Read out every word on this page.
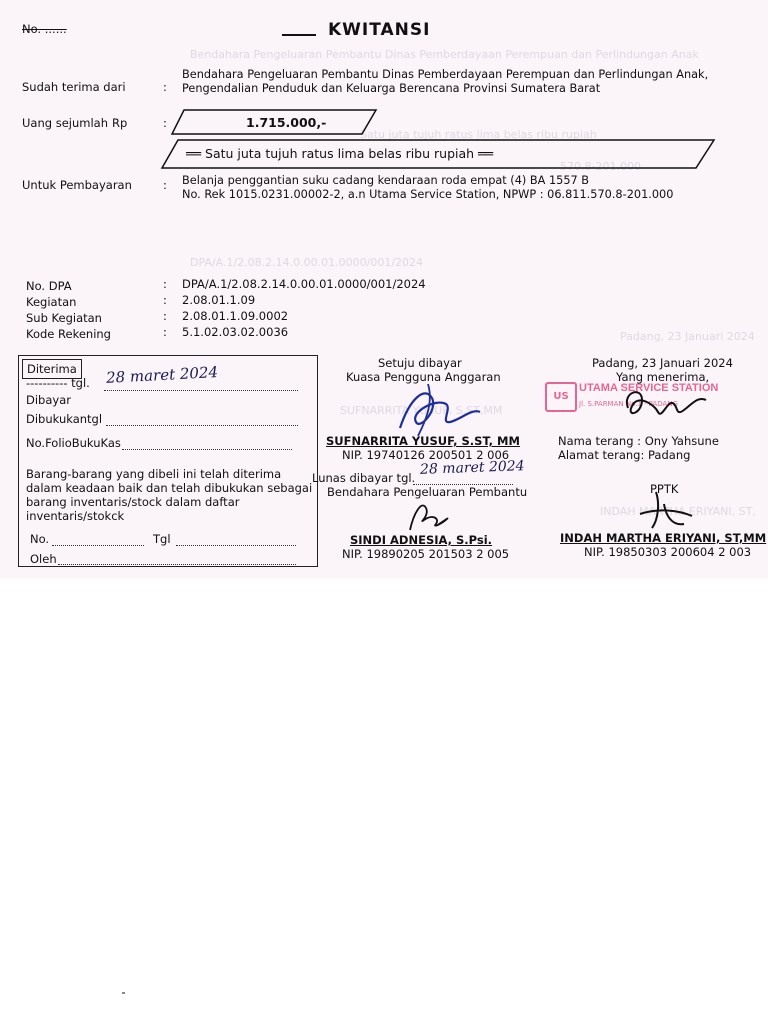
Bendahara Pengeluaran Pembantu Dinas Pemberdayaan Perempuan dan Perlindungan Anak
Satu juta tujuh ratus lima belas ribu rupiah
570.8-201.000
DPA/A.1/2.08.2.14.0.00.01.0000/001/2024
Padang, 23 Januari 2024
SUFNARRITA YUSUF, S.ST,MM
INDAH MARTHA ERIYANI, ST,
No. ......	KWITANSI
Sudah terima dari	:
Bendahara Pengeluaran Pembantu Dinas Pemberdayaan Perempuan dan Perlindungan Anak,
Pengendalian Penduduk dan Keluarga Berencana Provinsi Sumatera Barat
Uang sejumlah Rp	:	1.715.000,-
══ Satu juta tujuh ratus lima belas ribu rupiah ══
Untuk Pembayaran	: Belanja penggantian suku cadang kendaraan roda empat (4) BA 1557 B
No. Rek 1015.0231.00002-2, a.n Utama Service Station, NPWP : 06.811.570.8-201.000
No. DPA	: DPA/A.1/2.08.2.14.0.00.01.0000/001/2024
Kegiatan	: 2.08.01.1.09
Sub Kegiatan	: 2.08.01.1.09.0002
Kode Rekening	: 5.1.02.03.02.0036
Diterima
---------- tgl. 28 maret 2024
Dibayar
Dibukukantgl
No.FolioBukuKas
Barang-barang yang dibeli ini telah diterima
dalam keadaan baik dan telah dibukukan sebagai
barang inventaris/stock dalam daftar
inventaris/stokck
No.	Tgl
Oleh
Setuju dibayar
Kuasa Pengguna Anggaran
SUFNARRITA YUSUF, S.ST, MM
NIP. 19740126 200501 2 006
Lunas dibayar tgl.
28 maret 2024
Bendahara Pengeluaran Pembantu
SINDI ADNESIA, S.Psi.
NIP. 19890205 201503 2 005
Padang, 23 Januari 2024
Yang menerima,
US
UTAMA SERVICE STATION
Jl. S.PARMAN No.1 · PADANG
Nama terang : Ony Yahsune
Alamat terang: Padang
PPTK
INDAH MARTHA ERIYANI, ST,MM
NIP. 19850303 200604 2 003
